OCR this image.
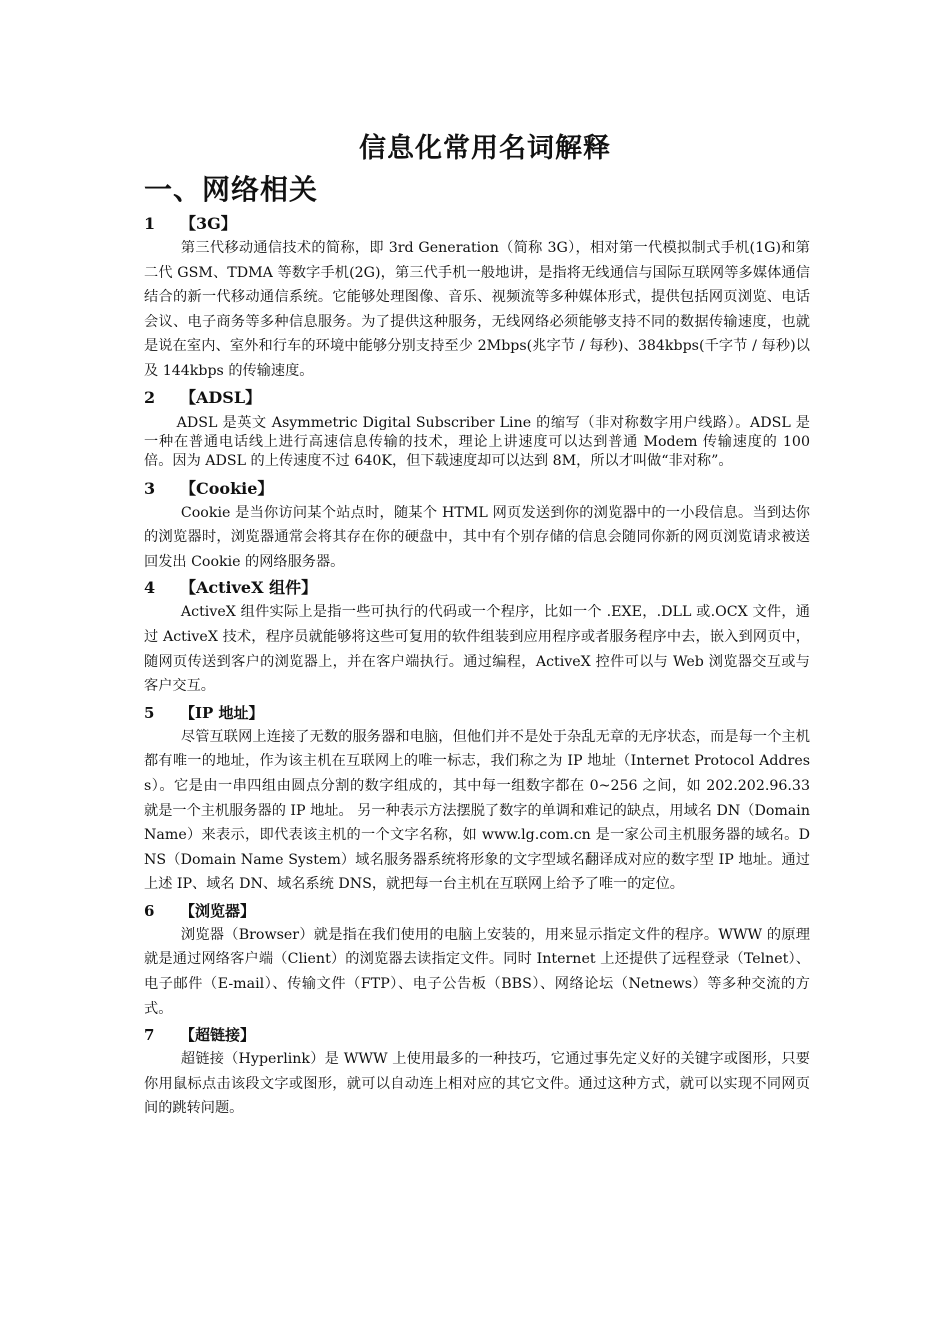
信息化常用名词解释
一、网络相关
1 【3G】

第三代移动通信技术的简称，即 3rd Generation（简称 3G），相对第一代模拟制式手机(1G)和第二代 GSM、TDMA 等数字手机(2G)，第三代手机一般地讲，是指将无线通信与国际互联网等多媒体通信结合的新一代移动通信系统。它能够处理图像、音乐、视频流等多种媒体形式，提供包括网页浏览、电话会议、电子商务等多种信息服务。为了提供这种服务，无线网络必须能够支持不同的数据传输速度，也就是说在室内、室外和行车的环境中能够分别支持至少 2Mbps(兆字节 / 每秒)、384kbps(千字节 / 每秒)以及 144kbps 的传输速度。

2 【ADSL】

ADSL 是英文 Asymmetric Digital Subscriber Line 的缩写（非对称数字用户线路）。ADSL 是一种在普通电话线上进行高速信息传输的技术，理论上讲速度可以达到普通 Modem 传输速度的 100 倍。因为 ADSL 的上传速度不过 640K，但下载速度却可以达到 8M，所以才叫做“非对称”。

3 【Cookie】

Cookie 是当你访问某个站点时，随某个 HTML 网页发送到你的浏览器中的一小段信息。当到达你的浏览器时，浏览器通常会将其存在你的硬盘中，其中有个别存储的信息会随同你新的网页浏览请求被送回发出 Cookie 的网络服务器。

4 【ActiveX 组件】

ActiveX 组件实际上是指一些可执行的代码或一个程序，比如一个 .EXE，.DLL 或.OCX 文件，通过 ActiveX 技术，程序员就能够将这些可复用的软件组装到应用程序或者服务程序中去，嵌入到网页中，随网页传送到客户的浏览器上，并在客户端执行。通过编程，ActiveX 控件可以与 Web 浏览器交互或与客户交互。

5 【IP 地址】

尽管互联网上连接了无数的服务器和电脑，但他们并不是处于杂乱无章的无序状态，而是每一个主机都有唯一的地址，作为该主机在互联网上的唯一标志，我们称之为 IP 地址（Internet Protocol Address）。它是由一串四组由圆点分割的数字组成的，其中每一组数字都在 0~256 之间，如 202.202.96.33 就是一个主机服务器的 IP 地址。 另一种表示方法摆脱了数字的单调和难记的缺点，用域名 DN（Domain Name）来表示，即代表该主机的一个文字名称，如 www.lg.com.cn 是一家公司主机服务器的域名。DNS（Domain Name System）域名服务器系统将形象的文字型域名翻译成对应的数字型 IP 地址。通过上述 IP、域名 DN、域名系统 DNS，就把每一台主机在互联网上给予了唯一的定位。

6 【浏览器】

浏览器（Browser）就是指在我们使用的电脑上安装的，用来显示指定文件的程序。WWW 的原理就是通过网络客户端（Client）的浏览器去读指定文件。同时 Internet 上还提供了远程登录（Telnet）、电子邮件（E-mail）、传输文件（FTP）、电子公告板（BBS）、网络论坛（Netnews）等多种交流的方式。

7 【超链接】

超链接（Hyperlink）是 WWW 上使用最多的一种技巧，它通过事先定义好的关键字或图形，只要你用鼠标点击该段文字或图形，就可以自动连上相对应的其它文件。通过这种方式，就可以实现不同网页间的跳转问题。
